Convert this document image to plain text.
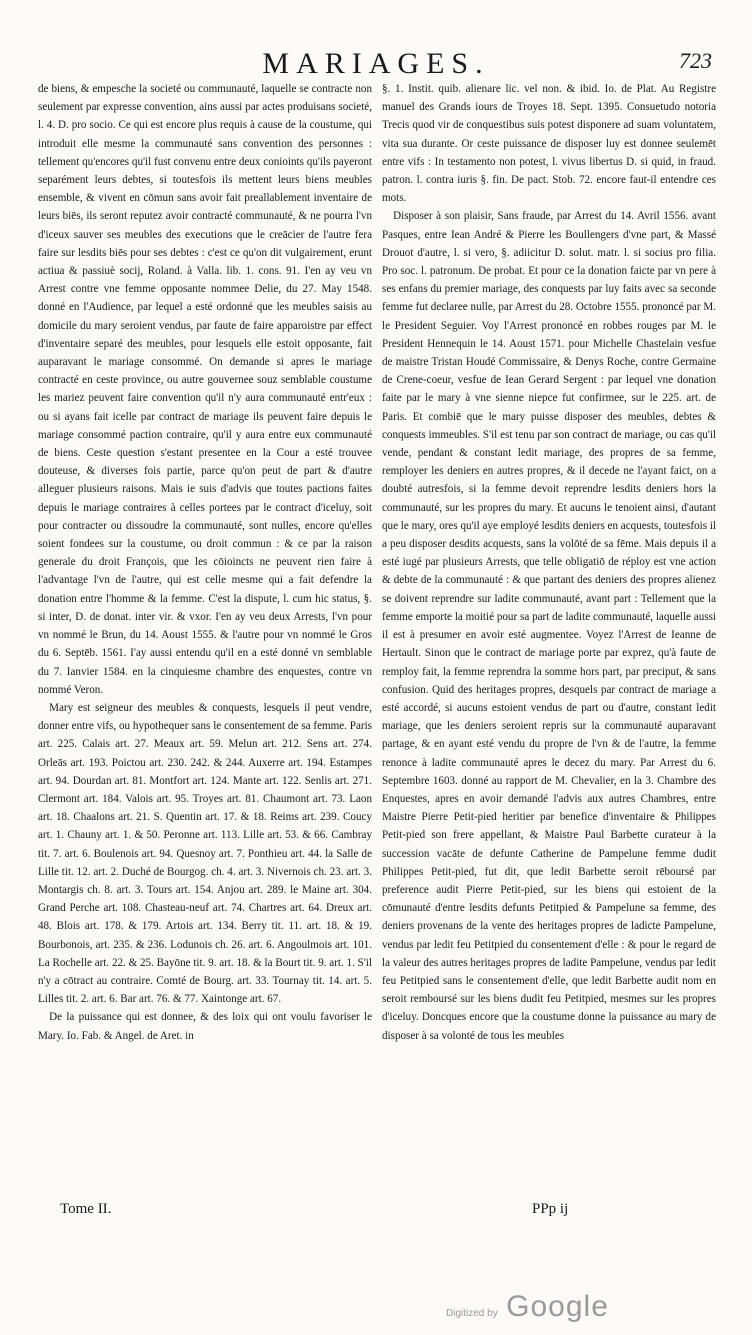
MARIAGES.	723

de biens, & empesche la societé ou communauté, laquelle se contracte non seulement par expresse convention, ains aussi par actes produisans societé, l. 4. D. pro socio. Ce qui est encore plus requis à cause de la coustume, qui introduit elle mesme la communauté sans convention des personnes : tellement qu'encores qu'il fust convenu entre deux conioints qu'ils payeront separément leurs debtes, si toutesfois ils mettent leurs biens meubles ensemble, & vivent en cōmun sans avoir fait preallablement inventaire de leurs biēs, ils seront reputez avoir contracté communauté, & ne pourra l'vn d'iceux sauver ses meubles des executions que le creācier de l'autre fera faire sur lesdits biēs pour ses debtes : c'est ce qu'on dit vulgairement, erunt actiua & passiuè socij, Roland. à Valla. lib. 1. cons. 91. I'en ay veu vn Arrest contre vne femme opposante nommee Delie, du 27. May 1548. donné en l'Audience, par lequel a esté ordonné que les meubles saisis au domicile du mary seroient vendus, par faute de faire apparoistre par effect d'inventaire separé des meubles, pour lesquels elle estoit opposante, fait auparavant le mariage consommé. On demande si apres le mariage contracté en ceste province, ou autre gouvernee souz semblable coustume les mariez peuvent faire convention qu'il n'y aura communauté entr'eux : ou si ayans fait icelle par contract de mariage ils peuvent faire depuis le mariage consommé paction contraire, qu'il y aura entre eux communauté de biens. Ceste question s'estant presentee en la Cour a esté trouvee douteuse, & diverses fois partie, parce qu'on peut de part & d'autre alleguer plusieurs raisons. Mais ie suis d'advis que toutes pactions faites depuis le mariage contraires à celles portees par le contract d'iceluy, soit pour contracter ou dissoudre la communauté, sont nulles, encore qu'elles soient fondees sur la coustume, ou droit commun : & ce par la raison generale du droit François, que les cōioincts ne peuvent rien faire à l'advantage l'vn de l'autre, qui est celle mesme qui a fait defendre la donation entre l'homme & la femme. C'est la dispute, l. cum hic status, §. si inter, D. de donat. inter vir. & vxor. I'en ay veu deux Arrests, l'vn pour vn nommé le Brun, du 14. Aoust 1555. & l'autre pour vn nommé le Gros du 6. Septēb. 1561. I'ay aussi entendu qu'il en a esté donné vn semblable du 7. Ianvier 1584. en la cinquiesme chambre des enquestes, contre vn nommé Veron.

Mary est seigneur des meubles & conquests, lesquels il peut vendre, donner entre vifs, ou hypothequer sans le consentement de sa femme. Paris art. 225. Calais art. 27. Meaux art. 59. Melun art. 212. Sens art. 274. Orleās art. 193. Poictou art. 230. 242. & 244. Auxerre art. 194. Estampes art. 94. Dourdan art. 81. Montfort art. 124. Mante art. 122. Senlis art. 271. Clermont art. 184. Valois art. 95. Troyes art. 81. Chaumont art. 73. Laon art. 18. Chaalons art. 21. S. Quentin art. 17. & 18. Reims art. 239. Coucy art. 1. Chauny art. 1. & 50. Peronne art. 113. Lille art. 53. & 66. Cambray tit. 7. art. 6. Boulenois art. 94. Quesnoy art. 7. Ponthieu art. 44. la Salle de Lille tit. 12. art. 2. Duché de Bourgog. ch. 4. art. 3. Nivernois ch. 23. art. 3. Montargis ch. 8. art. 3. Tours art. 154. Anjou art. 289. le Maine art. 304. Grand Perche art. 108. Chasteau-neuf art. 74. Chartres art. 64. Dreux art. 48. Blois art. 178. & 179. Artois art. 134. Berry tit. 11. art. 18. & 19. Bourbonois, art. 235. & 236. Lodunois ch. 26. art. 6. Angoulmois art. 101. La Rochelle art. 22. & 25. Bayōne tit. 9. art. 18. & la Bourt tit. 9. art. 1. S'il n'y a cōtract au contraire. Comté de Bourg. art. 33. Tournay tit. 14. art. 5. Lilles tit. 2. art. 6. Bar art. 76. & 77. Xaintonge art. 67.

De la puissance qui est donnee, & des loix qui ont voulu favoriser le Mary. Io. Fab. & Angel. de Aret. in

§. 1. Instit. quib. alienare lic. vel non. & ibid. Io. de Plat. Au Registre manuel des Grands iours de Troyes 18. Sept. 1395. Consuetudo notoria Trecis quod vir de conquestibus suis potest disponere ad suam voluntatem, vita sua durante. Or ceste puissance de disposer luy est donnee seulemēt entre vifs : In testamento non potest, l. vivus libertus D. si quid, in fraud. patron. l. contra iuris §. fin. De pact. Stob. 72. encore faut-il entendre ces mots.

Disposer à son plaisir, Sans fraude, par Arrest du 14. Avril 1556. avant Pasques, entre Iean André & Pierre les Boullengers d'vne part, & Massé Drouot d'autre, l. si vero, §. adiicitur D. solut. matr. l. si socius pro filia. Pro soc. l. patronum. De probat. Et pour ce la donation faicte par vn pere à ses enfans du premier mariage, des conquests par luy faits avec sa seconde femme fut declaree nulle, par Arrest du 28. Octobre 1555. prononcé par M. le President Seguier. Voy l'Arrest prononcé en robbes rouges par M. le President Hennequin le 14. Aoust 1571. pour Michelle Chastelain vesfue de maistre Tristan Houdé Commissaire, & Denys Roche, contre Germaine de Crene-coeur, vesfue de Iean Gerard Sergent : par lequel vne donation faite par le mary à vne sienne niepce fut confirmee, sur le 225. art. de Paris. Et combiē que le mary puisse disposer des meubles, debtes & conquests immeubles. S'il est tenu par son contract de mariage, ou cas qu'il vende, pendant & constant ledit mariage, des propres de sa femme, remployer les deniers en autres propres, & il decede ne l'ayant faict, on a doubté autresfois, si la femme devoit reprendre lesdits deniers hors la communauté, sur les propres du mary. Et aucuns le tenoient ainsi, d'autant que le mary, ores qu'il aye employé lesdits deniers en acquests, toutesfois il a peu disposer desdits acquests, sans la volōté de sa fēme. Mais depuis il a esté iugé par plusieurs Arrests, que telle obligatiō de réploy est vne action & debte de la communauté : & que partant des deniers des propres alienez se doivent reprendre sur ladite communauté, avant part : Tellement que la femme emporte la moitié pour sa part de ladite communauté, laquelle aussi il est à presumer en avoir esté augmentee. Voyez l'Arrest de Ieanne de Hertault. Sinon que le contract de mariage porte par exprez, qu'à faute de remploy fait, la femme reprendra la somme hors part, par preciput, & sans confusion. Quid des heritages propres, desquels par contract de mariage a esté accordé, si aucuns estoient vendus de part ou d'autre, constant ledit mariage, que les deniers seroient repris sur la communauté auparavant partage, & en ayant esté vendu du propre de l'vn & de l'autre, la femme renonce à ladite communauté apres le decez du mary. Par Arrest du 6. Septembre 1603. donné au rapport de M. Chevalier, en la 3. Chambre des Enquestes, apres en avoir demandé l'advis aux autres Chambres, entre Maistre Pierre Petit-pied heritier par benefice d'inventaire & Philippes Petit-pied son frere appellant, & Maistre Paul Barbette curateur à la succession vacāte de defunte Catherine de Pampelune femme dudit Philippes Petit-pied, fut dit, que ledit Barbette seroit rēboursé par preference audit Pierre Petit-pied, sur les biens qui estoient de la cōmunauté d'entre lesdits defunts Petitpied & Pampelune sa femme, des deniers provenans de la vente des heritages propres de ladicte Pampelune, vendus par ledit feu Petitpied du consentement d'elle : & pour le regard de la valeur des autres heritages propres de ladite Pampelune, vendus par ledit feu Petitpied sans le consentement d'elle, que ledit Barbette audit nom en seroit remboursé sur les biens dudit feu Petitpied, mesmes sur les propres d'iceluy. Doncques encore que la coustume donne la puissance au mary de disposer à sa volonté de tous les meubles

Tome II.	PPp ij
Digitized by Google
